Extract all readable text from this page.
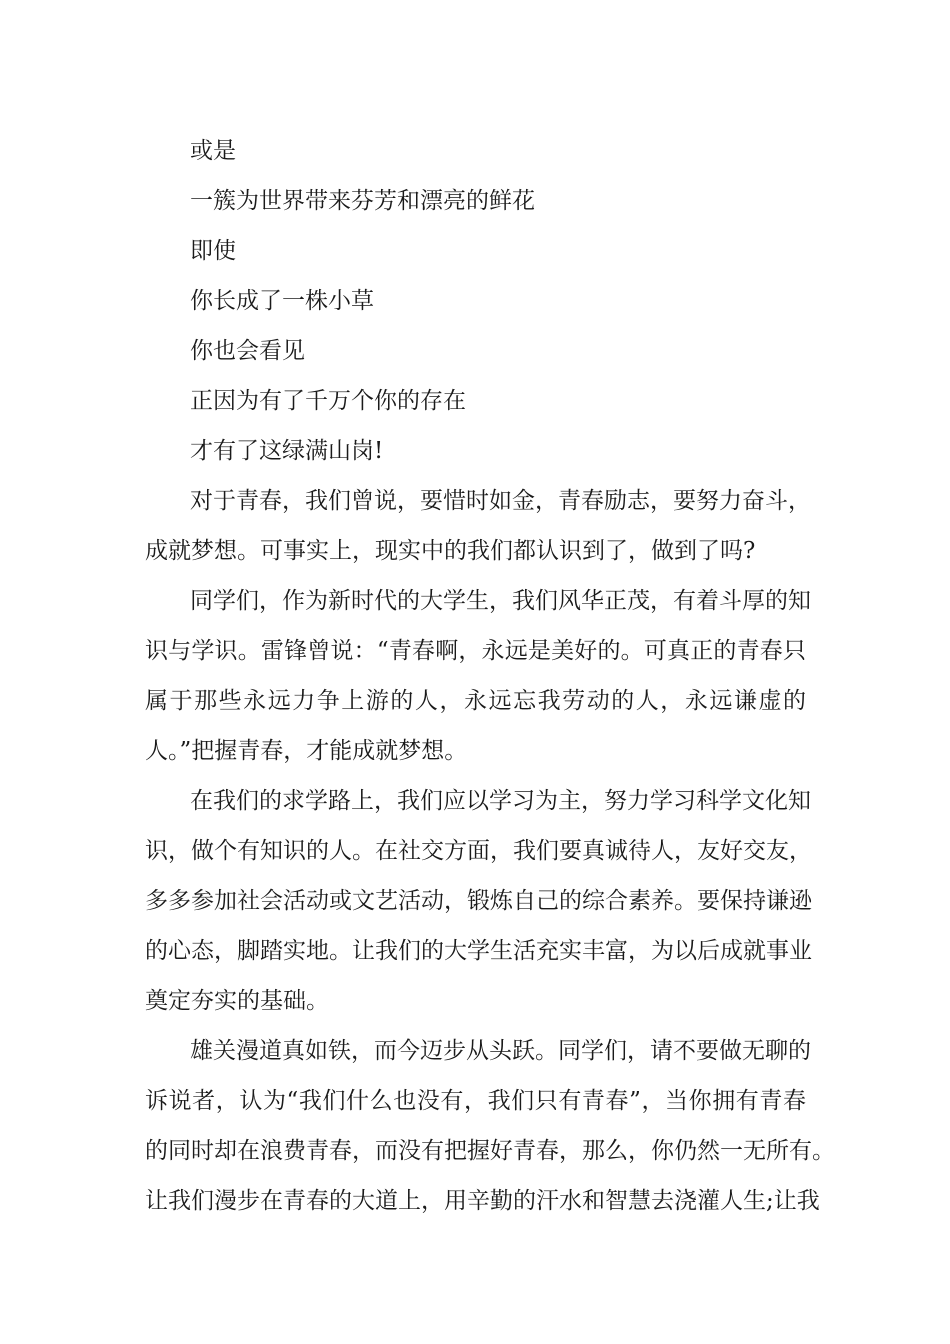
或是
一簇为世界带来芬芳和漂亮的鲜花
即使
你长成了一株小草
你也会看见
正因为有了千万个你的存在
才有了这绿满山岗!
对于青春，我们曾说，要惜时如金，青春励志，要努力奋斗，
成就梦想。可事实上，现实中的我们都认识到了，做到了吗?
同学们，作为新时代的大学生，我们风华正茂，有着斗厚的知
识与学识。雷锋曾说：“青春啊，永远是美好的。可真正的青春只
属于那些永远力争上游的人，永远忘我劳动的人，永远谦虚的
人。”把握青春，才能成就梦想。
在我们的求学路上，我们应以学习为主，努力学习科学文化知
识，做个有知识的人。在社交方面，我们要真诚待人，友好交友，
多多参加社会活动或文艺活动，锻炼自己的综合素养。要保持谦逊
的心态，脚踏实地。让我们的大学生活充实丰富，为以后成就事业
奠定夯实的基础。
雄关漫道真如铁，而今迈步从头跃。同学们，请不要做无聊的
诉说者，认为“我们什么也没有，我们只有青春”，当你拥有青春
的同时却在浪费青春，而没有把握好青春，那么，你仍然一无所有。
让我们漫步在青春的大道上，用辛勤的汗水和智慧去浇灌人生;让我
